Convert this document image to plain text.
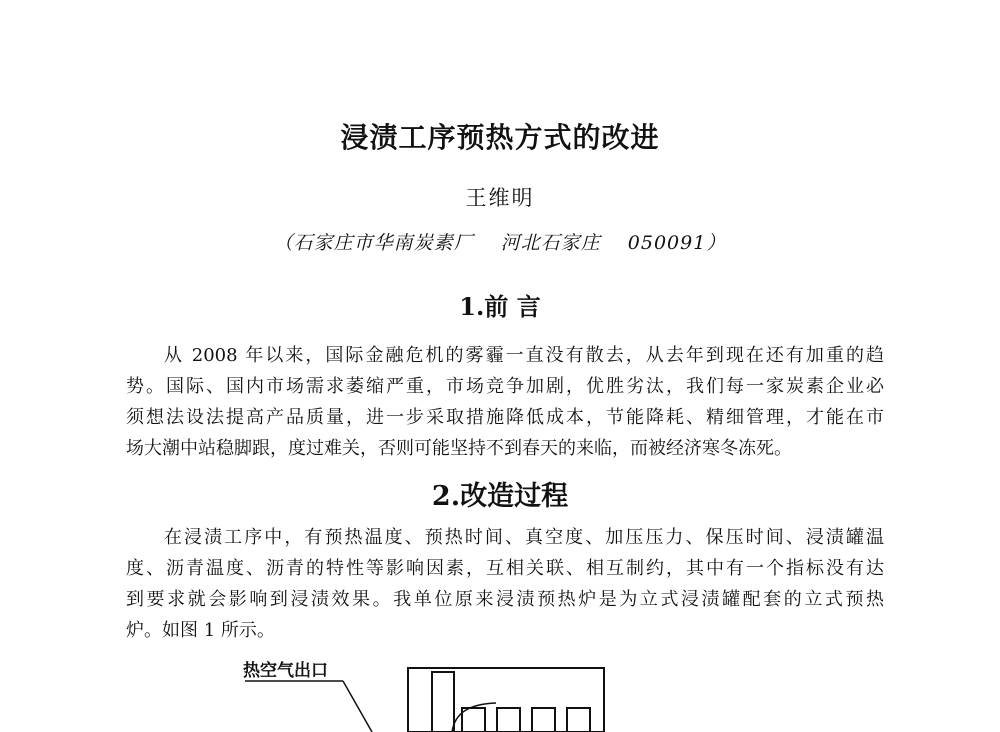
浸渍工序预热方式的改进

王维明

（石家庄市华南炭素厂 河北石家庄 050091）

1.前 言
从 2008 年以来，国际金融危机的雾霾一直没有散去，从去年到现在还有加重的趋
势。国际、国内市场需求萎缩严重，市场竞争加剧，优胜劣汰，我们每一家炭素企业必
须想法设法提高产品质量，进一步采取措施降低成本，节能降耗、精细管理，才能在市
场大潮中站稳脚跟，度过难关，否则可能坚持不到春天的来临，而被经济寒冬冻死。
2.改造过程
在浸渍工序中，有预热温度、预热时间、真空度、加压压力、保压时间、浸渍罐温
度、沥青温度、沥青的特性等影响因素，互相关联、相互制约，其中有一个指标没有达
到要求就会影响到浸渍效果。我单位原来浸渍预热炉是为立式浸渍罐配套的立式预热
炉。如图 1 所示。

热空气出口
